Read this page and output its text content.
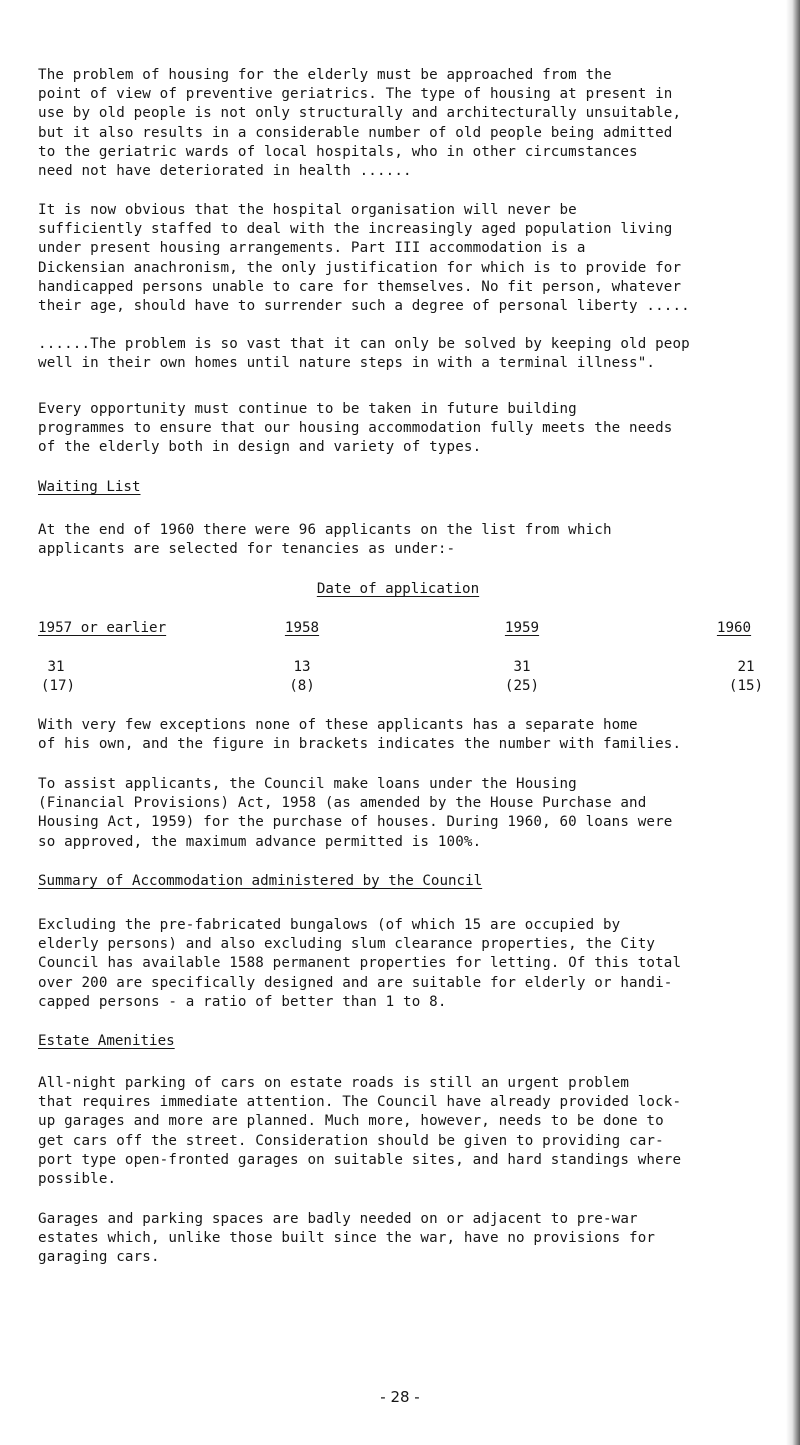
The problem of housing for the elderly must be approached from the
point of view of preventive geriatrics. The type of housing at present in
use by old people is not only structurally and architecturally unsuitable,
but it also results in a considerable number of old people being admitted
to the geriatric wards of local hospitals, who in other circumstances
need not have deteriorated in health ......

It is now obvious that the hospital organisation will never be
sufficiently staffed to deal with the increasingly aged population living
under present housing arrangements. Part III accommodation is a
Dickensian anachronism, the only justification for which is to provide for
handicapped persons unable to care for themselves. No fit person, whatever
their age, should have to surrender such a degree of personal liberty .....

......The problem is so vast that it can only be solved by keeping old peop
well in their own homes until nature steps in with a terminal illness".

Every opportunity must continue to be taken in future building
programmes to ensure that our housing accommodation fully meets the needs
of the elderly both in design and variety of types.

Waiting List

At the end of 1960 there were 96 applicants on the list from which
applicants are selected for tenancies as under:-

Date of application
1957 or earlier	1958	1959	1960
31	13	31	21
(17)	(8)	(25)	(15)

With very few exceptions none of these applicants has a separate home
of his own, and the figure in brackets indicates the number with families.

To assist applicants, the Council make loans under the Housing
(Financial Provisions) Act, 1958 (as amended by the House Purchase and
Housing Act, 1959) for the purchase of houses. During 1960, 60 loans were
so approved, the maximum advance permitted is 100%.

Summary of Accommodation administered by the Council

Excluding the pre-fabricated bungalows (of which 15 are occupied by
elderly persons) and also excluding slum clearance properties, the City
Council has available 1588 permanent properties for letting. Of this total
over 200 are specifically designed and are suitable for elderly or handi-
capped persons - a ratio of better than 1 to 8.

Estate Amenities

All-night parking of cars on estate roads is still an urgent problem
that requires immediate attention. The Council have already provided lock-
up garages and more are planned. Much more, however, needs to be done to
get cars off the street. Consideration should be given to providing car-
port type open-fronted garages on suitable sites, and hard standings where
possible.

Garages and parking spaces are badly needed on or adjacent to pre-war
estates which, unlike those built since the war, have no provisions for
garaging cars.

- 28 -
